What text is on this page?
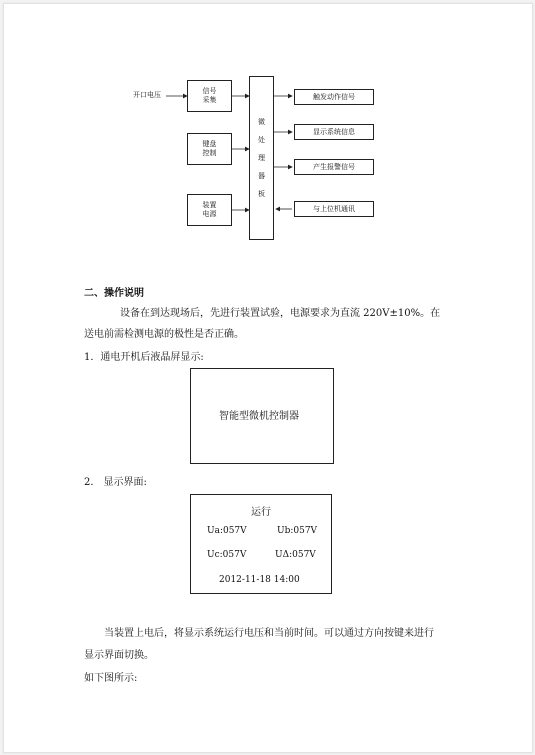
开口电压	信号
采集
键盘
控制
装置
电源
微
处
理
器
板
触发动作信号
显示系统信息
产生报警信号
与上位机通讯
二、操作说明
设备在到达现场后，先进行装置试验，电源要求为直流 220V±10%。在
送电前需检测电源的极性是否正确。
1．通电开机后液晶屏显示:
智能型微机控制器
2． 显示界面:
运行
Ua:057V	Ub:057V
Uc:057V	UΔ:057V
2012-11-18 14:00
当装置上电后，将显示系统运行电压和当前时间。可以通过方向按键来进行
显示界面切换。
如下图所示:
